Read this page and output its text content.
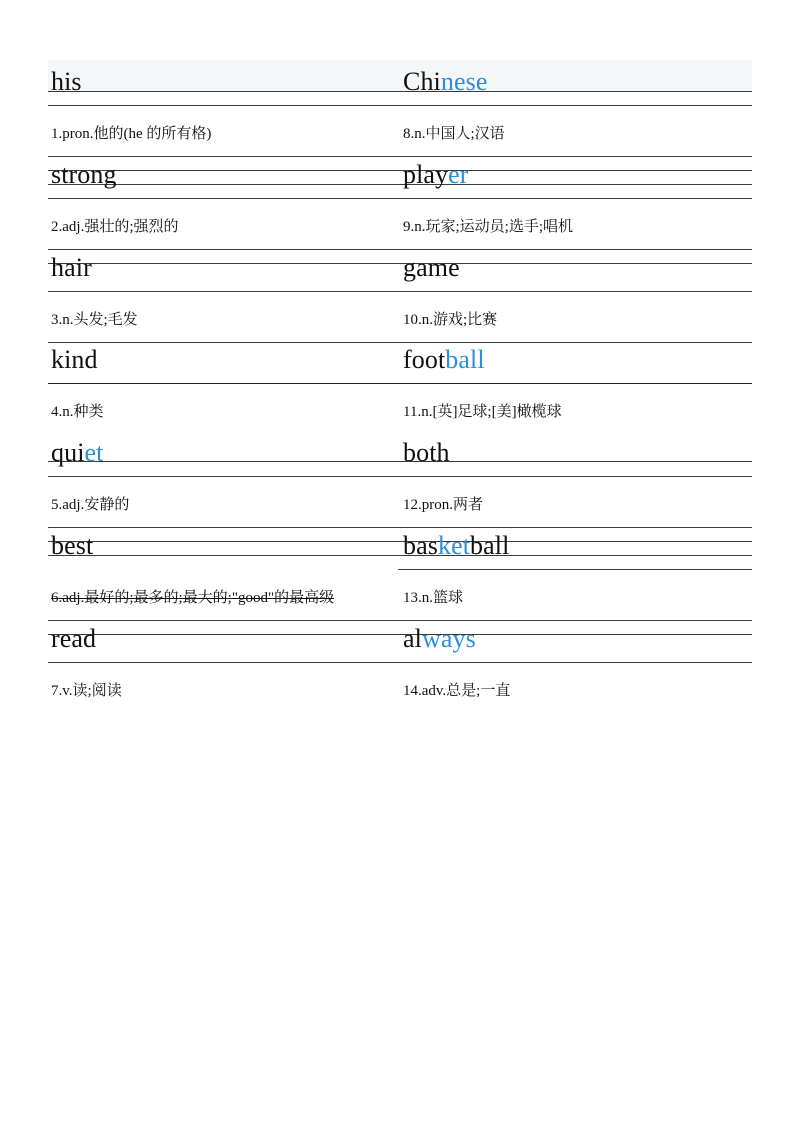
his
1.pron.他的(he 的所有格)
strong
2.adj.强壮的;强烈的
hair
3.n.头发;毛发
kind
4.n.种类
quiet
5.adj.安静的
best
6.adj.最好的;最多的;最大的;"good"的最高级
read
7.v.读;阅读
Chinese
8.n.中国人;汉语
player
9.n.玩家;运动员;选手;唱机
game
10.n.游戏;比赛
football
11.n.[英]足球;[美]橄榄球
both
12.pron.两者
basketball
13.n.篮球
always
14.adv.总是;一直
